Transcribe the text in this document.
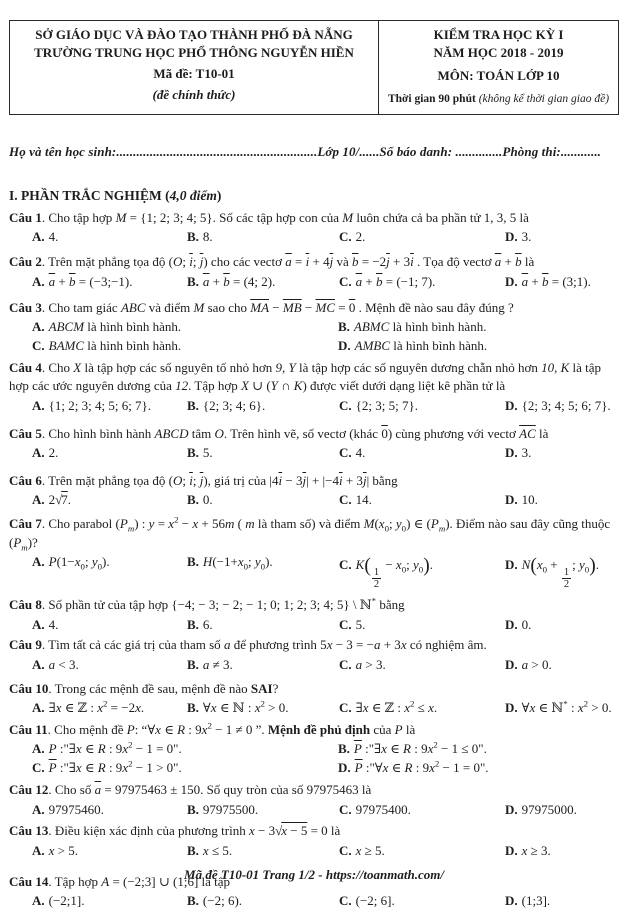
SỞ GIÁO DỤC VÀ ĐÀO TẠO THÀNH PHỐ ĐÀ NẴNG
TRƯỜNG TRUNG HỌC PHỔ THÔNG NGUYỄN HIỀN
Mã đề: T10-01
(đề chính thức)
KIỂM TRA HỌC KỲ I
NĂM HỌC 2018 - 2019
MÔN: TOÁN LỚP 10
Thời gian 90 phút (không kể thời gian giao đề)
Họ và tên học sinh:............................................................Lớp 10/......Số báo danh: ..............Phòng thi:............
I. PHẦN TRẮC NGHIỆM (4,0 điểm)
Câu 1. Cho tập hợp M = {1; 2; 3; 4; 5}. Số các tập hợp con của M luôn chứa cả ba phần tử 1, 3, 5 là
A. 4.	B. 8.	C. 2.	D. 3.
Câu 2. Trên mặt phẳng tọa độ (O; $\overline{i}$; $\overline{j}$) cho các vectơ $\overline{a} = \overline{i} + 4\overline{j}$ và $\overline{b} = -2\overline{j} + 3\overline{i}$ . Tọa độ vectơ $\overline{a} + \overline{b}$ là
A. $\overline{a} + \overline{b}$ = (−3;−1).	B. $\overline{a} + \overline{b} = (4$; 2).	C. $\overline{a} + \overline{b} = (-1$; 7).	D. $\overline{a} + \overline{b}$ = (3;1).
Câu 3. Cho tam giác ABC và điểm M sao cho $\overline{MA} - \overline{MB} - \overline{MC} = 0$ . Mệnh đề nào sau đây đúng ?
A. ABCM là hình bình hành.	B. ABMC là hình bình hành.
C. BAMC là hình bình hành.	D. AMBC là hình bình hành.
Câu 4. Cho X là tập hợp các số nguyên tố nhỏ hơn 9, Y là tập hợp các số nguyên dương chẵn nhỏ hơn 10, K là tập hợp các ước nguyên dương của 12. Tập hợp X ∪ (Y ∩ K) được viết dưới dạng liệt kê phần tử là
A. {1; 2; 3; 4; 5; 6; 7}.	B. {2; 3; 4; 6}.	C. {2; 3; 5; 7}.	D. {2; 3; 4; 5; 6; 7}.
Câu 5. Cho hình bình hành ABCD tâm O. Trên hình vẽ, số vectơ (khác 0) cùng phương với vectơ $\overline{AC}$ là
A. 2.	B. 5.	C. 4.	D. 3.
Câu 6. Trên mặt phẳng tọa độ (O; $\overline{i}$; $\overline{j}$), giá trị của $|4\overline{i} - 3\overline{j}| + |-4\overline{i} + 3\overline{j}|$ bằng
A. 2√7.	B. 0.	C. 14.	D. 10.
Câu 7. Cho parabol $(P_m)$ : $y = x^2 - x + 56m$ ( m là tham số) và điểm $M(x_0$; $y_0$) ∈ $(P_m)$. Điểm nào sau đây cũng thuộc $(P_m)$?
A. $P(1-x_0$; $y_0$).	B. $H(-1+x_0$; $y_0$).	C. K(
$\frac{1}{2}$
− $x_0$; $y_0$).	D. $N(x_0$ +
$\frac{1}{2}$
; $y_0$).
Câu 8. Số phần tử của tập hợp {−4; − 3; − 2; − 1; 0; 1; 2; 3; 4; 5} \ ℕ* bằng
A. 4.	B. 6.	C. 5.	D. 0.
Câu 9. Tìm tất cả các giá trị của tham số a để phương trình 5x − 3 = −a + 3x có nghiệm âm.
A. a < 3.	B. a ≠ 3.	C. a > 3.	D. a > 0.
Câu 10. Trong các mệnh đề sau, mệnh đề nào SAI?
A. ∃x ∈ ℤ : $x^2 = -2x$.	B. ∀x ∈ ℕ : $x^2 > 0$.	C. ∃x ∈ ℤ : $x^2 \le x$.	D. ∀x ∈ ℕ* : $x^2 > 0$.
Câu 11. Cho mệnh đề P: “∀x ∈ R : $9x^2 - 1 \ne 0$ ”. Mệnh đề phủ định của P là
A. P :"∃x ∈ R : $9x^2 - 1 = 0$".	B. $\overline{P}$ :"∃x ∈ R : $9x^2 - 1 \le 0$".
C. $\overline{P}$ :"∃x ∈ R : $9x^2 - 1 > 0$".	D. $\overline{P}$ :"∀x ∈ R : $9x^2 - 1 = 0$".
Câu 12. Cho số $\overline{a} = 97975463 \pm 150$. Số quy tròn của số 97975463 là
A. 97975460.	B. 97975500.	C. 97975400.	D. 97975000.
Câu 13. Điều kiện xác định của phương trình x − 3√x − 5 = 0 là
A. x > 5.	B. x ≤ 5.	C. x ≥ 5.	D. x ≥ 3.
Câu 14. Tập hợp A = (−2;3] ∪ (1;6] là tập
A. (−2;1].	B. (−2; 6).	C. (−2; 6].	D. (1;3].
Mã đề T10-01 Trang 1/2 - https://toanmath.com/
